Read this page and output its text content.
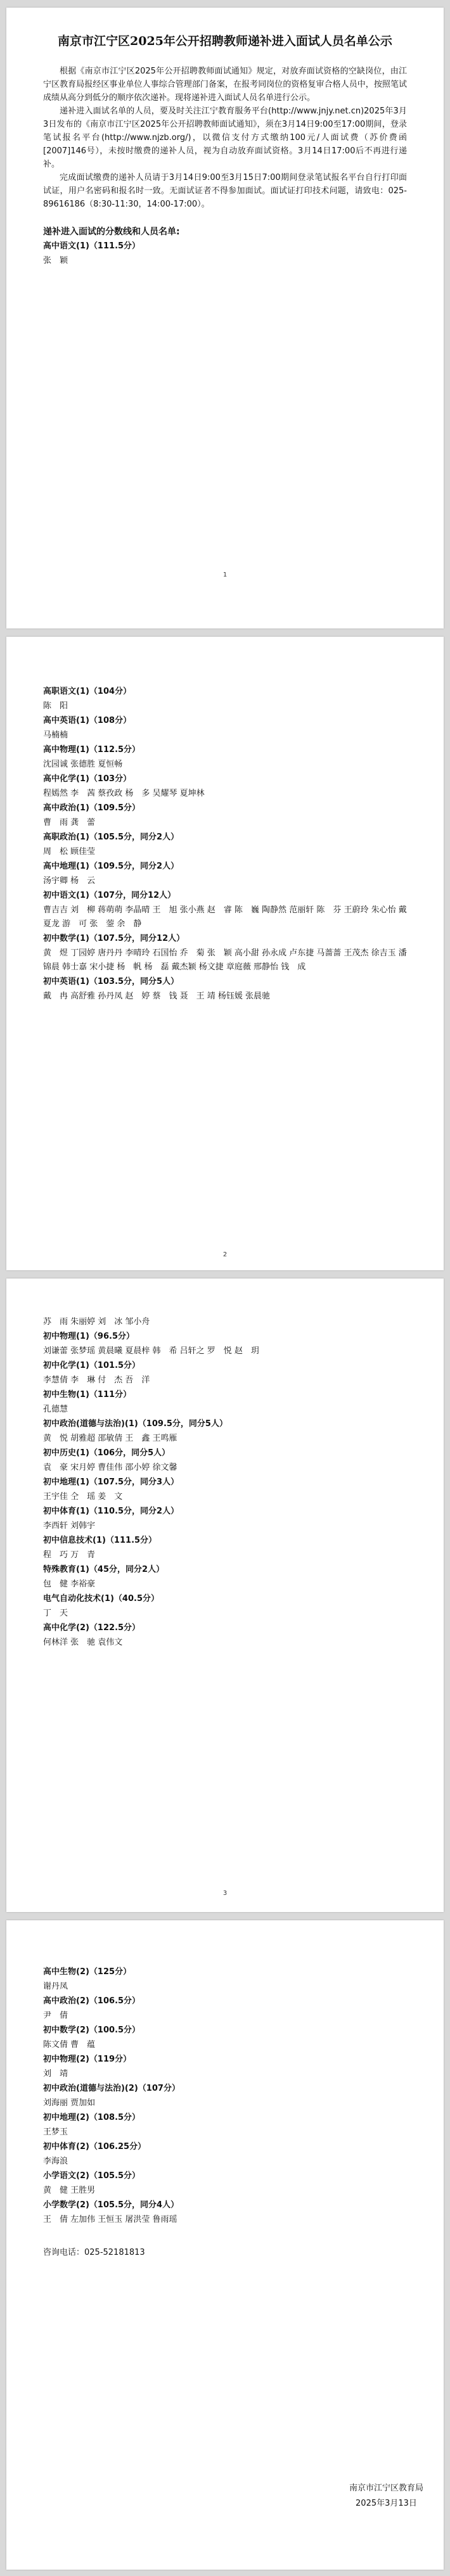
南京市江宁区2025年公开招聘教师递补进入面试人员名单公示

根据《南京市江宁区2025年公开招聘教师面试通知》规定，对放弃面试资格的空缺岗位，由江宁区教育局报经区事业单位人事综合管理部门备案，在报考同岗位的资格复审合格人员中，按照笔试成绩从高分到低分的顺序依次递补。现将递补进入面试人员名单进行公示。

递补进入面试名单的人员，要及时关注江宁教育服务平台(http://www.jnjy.net.cn)2025年3月3日发布的《南京市江宁区2025年公开招聘教师面试通知》，须在3月14日9:00至17:00期间，登录笔试报名平台(http://www.njzb.org/)，以微信支付方式缴纳100元/人面试费（苏价费函[2007]146号），未按时缴费的递补人员，视为自动放弃面试资格。3月14日17:00后不再进行递补。

完成面试缴费的递补人员请于3月14日9:00至3月15日7:00期间登录笔试报名平台自行打印面试证，用户名密码和报名时一致。无面试证者不得参加面试。面试证打印技术问题，请致电：025-89616186（8:30-11:30，14:00-17:00）。

递补进入面试的分数线和人员名单:
高中语文(1)（111.5分）
张　颖
1
高职语文(1)（104分）
陈　阳
高中英语(1)（108分）
马楠楠
高中物理(1)（112.5分）
沈园诚 张德胜 夏恒畅
高中化学(1)（103分）
程嫣然 李　茜 蔡孜政 杨　多 吴耀琴 夏坤林
高中政治(1)（109.5分）
曹　雨 龚　蕾
高职政治(1)（105.5分，同分2人）
周　松 顾佳莹
高中地理(1)（109.5分，同分2人）
汤宇卿 杨　云
初中语文(1)（107分，同分12人）
曹吉吉 刘　柳 蒋萌萌 李晶晴 王　旭 张小燕 赵　睿 陈　巍 陶静然 范丽轩 陈　芬 王蔚玲 朱心怡 戴夏龙 游　可 张　蓥 余　静
初中数学(1)（107.5分，同分12人）
黄　煜 丁园婷 唐丹丹 李晴玲 石国怡 乔　菊 张　颖 高小甜 孙永成 卢东捷 马蔷蔷 王茂杰 徐吉玉 潘锦晨 韩士嘉 宋小捷 杨　帆 杨　磊 戴杰颖 杨文捷 章庭薇 邢静怡 钱　成
初中英语(1)（103.5分，同分5人）
戴　冉 高舒雅 孙丹凤 赵　婷 蔡　钱 聂　王 靖 杨钰媛 张晨驰
2
苏　雨 朱丽婷 刘　冰 邹小舟
初中物理(1)（96.5分）
刘谦蕾 张梦瑶 黄晨曦 夏晨梓 韩　希 吕轩之 罗　悦 赵　玥
初中化学(1)（101.5分）
李慧倩 李　琳 付　杰 吾　洋
初中生物(1)（111分）
孔德慧
初中政治(道德与法治)(1)（109.5分，同分5人）
黄　悦 胡雅超 邵敏倩 王　鑫 王鸣雁
初中历史(1)（106分，同分5人）
袁　豪 宋月婷 曹佳伟 邵小婷 徐文馨
初中地理(1)（107.5分，同分3人）
王宇佳 仝　瑶 姜　文
初中体育(1)（110.5分，同分2人）
李西轩 刘韩宇
初中信息技术(1)（111.5分）
程　巧 万　青
特殊教育(1)（45分，同分2人）
包　健 李裕豪
电气自动化技术(1)（40.5分）
丁　天
高中化学(2)（122.5分）
何林洋 张　驰 袁伟文
3
高中生物(2)（125分）
谢丹凤
高中政治(2)（106.5分）
尹　倩
初中数学(2)（100.5分）
陈文倩 曹　蕴
初中物理(2)（119分）
刘　靖
初中政治(道德与法治)(2)（107分）
刘海丽 贾加如
初中地理(2)（108.5分）
王梦玉
初中体育(2)（106.25分）
李海浪
小学语文(2)（105.5分）
黄　健 王胜男
小学数学(2)（105.5分，同分4人）
王　倩 左加伟 王恒玉 屠洪莹 鲁雨瑶
咨询电话：025-52181813
南京市江宁区教育局
2025年3月13日
